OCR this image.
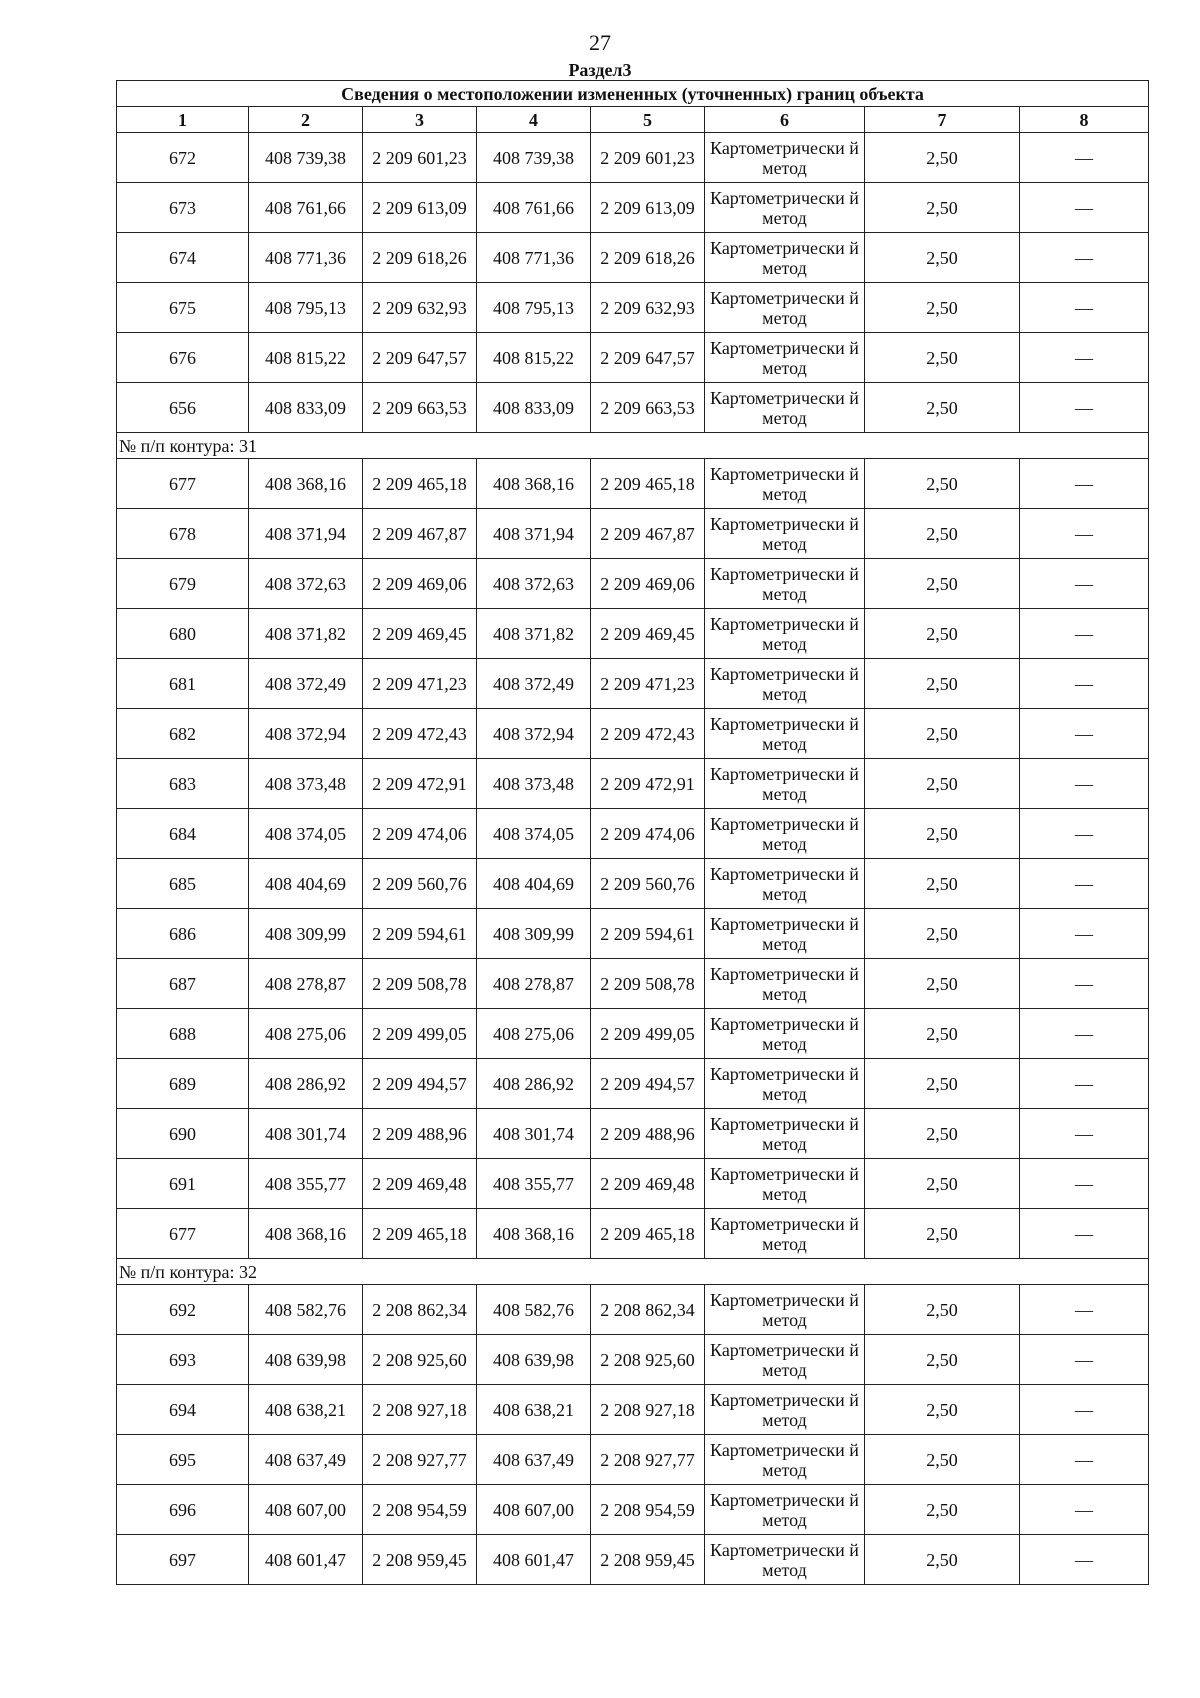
27
Раздел3
Сведения о местоположении измененных (уточненных) границ объекта							
1	2	3	4	5	6	7	8
672	408 739,38	2 209 601,23	408 739,38	2 209 601,23	Картометрически й метод	2,50	—
673	408 761,66	2 209 613,09	408 761,66	2 209 613,09	Картометрически й метод	2,50	—
674	408 771,36	2 209 618,26	408 771,36	2 209 618,26	Картометрически й метод	2,50	—
675	408 795,13	2 209 632,93	408 795,13	2 209 632,93	Картометрически й метод	2,50	—
676	408 815,22	2 209 647,57	408 815,22	2 209 647,57	Картометрически й метод	2,50	—
656	408 833,09	2 209 663,53	408 833,09	2 209 663,53	Картометрически й метод	2,50	—
№ п/п контура: 31							
677	408 368,16	2 209 465,18	408 368,16	2 209 465,18	Картометрически й метод	2,50	—
678	408 371,94	2 209 467,87	408 371,94	2 209 467,87	Картометрически й метод	2,50	—
679	408 372,63	2 209 469,06	408 372,63	2 209 469,06	Картометрически й метод	2,50	—
680	408 371,82	2 209 469,45	408 371,82	2 209 469,45	Картометрически й метод	2,50	—
681	408 372,49	2 209 471,23	408 372,49	2 209 471,23	Картометрически й метод	2,50	—
682	408 372,94	2 209 472,43	408 372,94	2 209 472,43	Картометрически й метод	2,50	—
683	408 373,48	2 209 472,91	408 373,48	2 209 472,91	Картометрически й метод	2,50	—
684	408 374,05	2 209 474,06	408 374,05	2 209 474,06	Картометрически й метод	2,50	—
685	408 404,69	2 209 560,76	408 404,69	2 209 560,76	Картометрически й метод	2,50	—
686	408 309,99	2 209 594,61	408 309,99	2 209 594,61	Картометрически й метод	2,50	—
687	408 278,87	2 209 508,78	408 278,87	2 209 508,78	Картометрически й метод	2,50	—
688	408 275,06	2 209 499,05	408 275,06	2 209 499,05	Картометрически й метод	2,50	—
689	408 286,92	2 209 494,57	408 286,92	2 209 494,57	Картометрически й метод	2,50	—
690	408 301,74	2 209 488,96	408 301,74	2 209 488,96	Картометрически й метод	2,50	—
691	408 355,77	2 209 469,48	408 355,77	2 209 469,48	Картометрически й метод	2,50	—
677	408 368,16	2 209 465,18	408 368,16	2 209 465,18	Картометрически й метод	2,50	—
№ п/п контура: 32							
692	408 582,76	2 208 862,34	408 582,76	2 208 862,34	Картометрически й метод	2,50	—
693	408 639,98	2 208 925,60	408 639,98	2 208 925,60	Картометрически й метод	2,50	—
694	408 638,21	2 208 927,18	408 638,21	2 208 927,18	Картометрически й метод	2,50	—
695	408 637,49	2 208 927,77	408 637,49	2 208 927,77	Картометрически й метод	2,50	—
696	408 607,00	2 208 954,59	408 607,00	2 208 954,59	Картометрически й метод	2,50	—
697	408 601,47	2 208 959,45	408 601,47	2 208 959,45	Картометрически й метод	2,50	—
